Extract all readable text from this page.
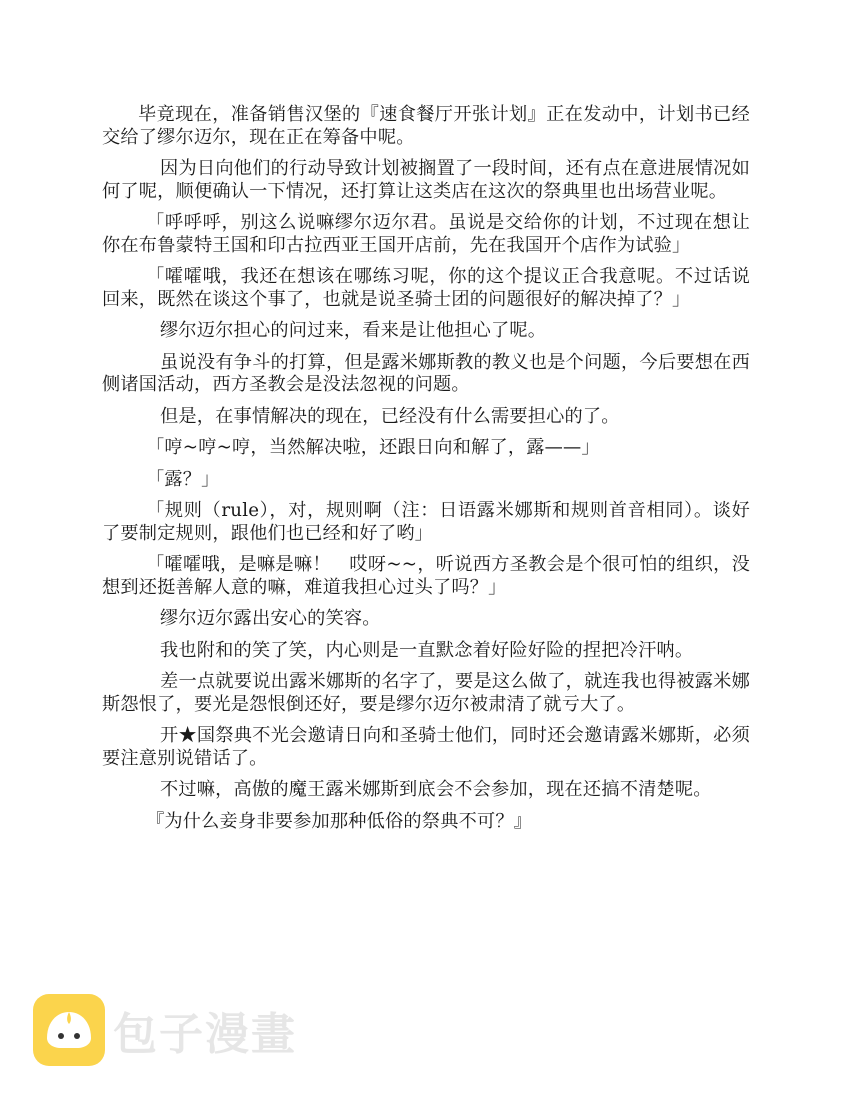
毕竟现在，准备销售汉堡的『速食餐厅开张计划』正在发动中，计划书已经交给了缪尔迈尔，现在正在筹备中呢。

因为日向他们的行动导致计划被搁置了一段时间，还有点在意进展情况如何了呢，顺便确认一下情况，还打算让这类店在这次的祭典里也出场营业呢。

「呼呼呼，别这么说嘛缪尔迈尔君。虽说是交给你的计划，不过现在想让你在布鲁蒙特王国和印古拉西亚王国开店前，先在我国开个店作为试验」

「嚯嚯哦，我还在想该在哪练习呢，你的这个提议正合我意呢。不过话说回来，既然在谈这个事了，也就是说圣骑士团的问题很好的解决掉了？」

缪尔迈尔担心的问过来，看来是让他担心了呢。

虽说没有争斗的打算，但是露米娜斯教的教义也是个问题，今后要想在西侧诸国活动，西方圣教会是没法忽视的问题。

但是，在事情解决的现在，已经没有什么需要担心的了。

「哼~哼~哼，当然解决啦，还跟日向和解了，露——」

「露？」

「规则（rule），对，规则啊（注：日语露米娜斯和规则首音相同）。谈好了要制定规则，跟他们也已经和好了哟」

「嚯嚯哦，是嘛是嘛！　哎呀~~，听说西方圣教会是个很可怕的组织，没想到还挺善解人意的嘛，难道我担心过头了吗？」

缪尔迈尔露出安心的笑容。

我也附和的笑了笑，内心则是一直默念着好险好险的捏把冷汗呐。

差一点就要说出露米娜斯的名字了，要是这么做了，就连我也得被露米娜斯怨恨了，要光是怨恨倒还好，要是缪尔迈尔被肃清了就亏大了。

开★国祭典不光会邀请日向和圣骑士他们，同时还会邀请露米娜斯，必须要注意别说错话了。

不过嘛，高傲的魔王露米娜斯到底会不会参加，现在还搞不清楚呢。

『为什么妾身非要参加那种低俗的祭典不可？』

包子漫畫
